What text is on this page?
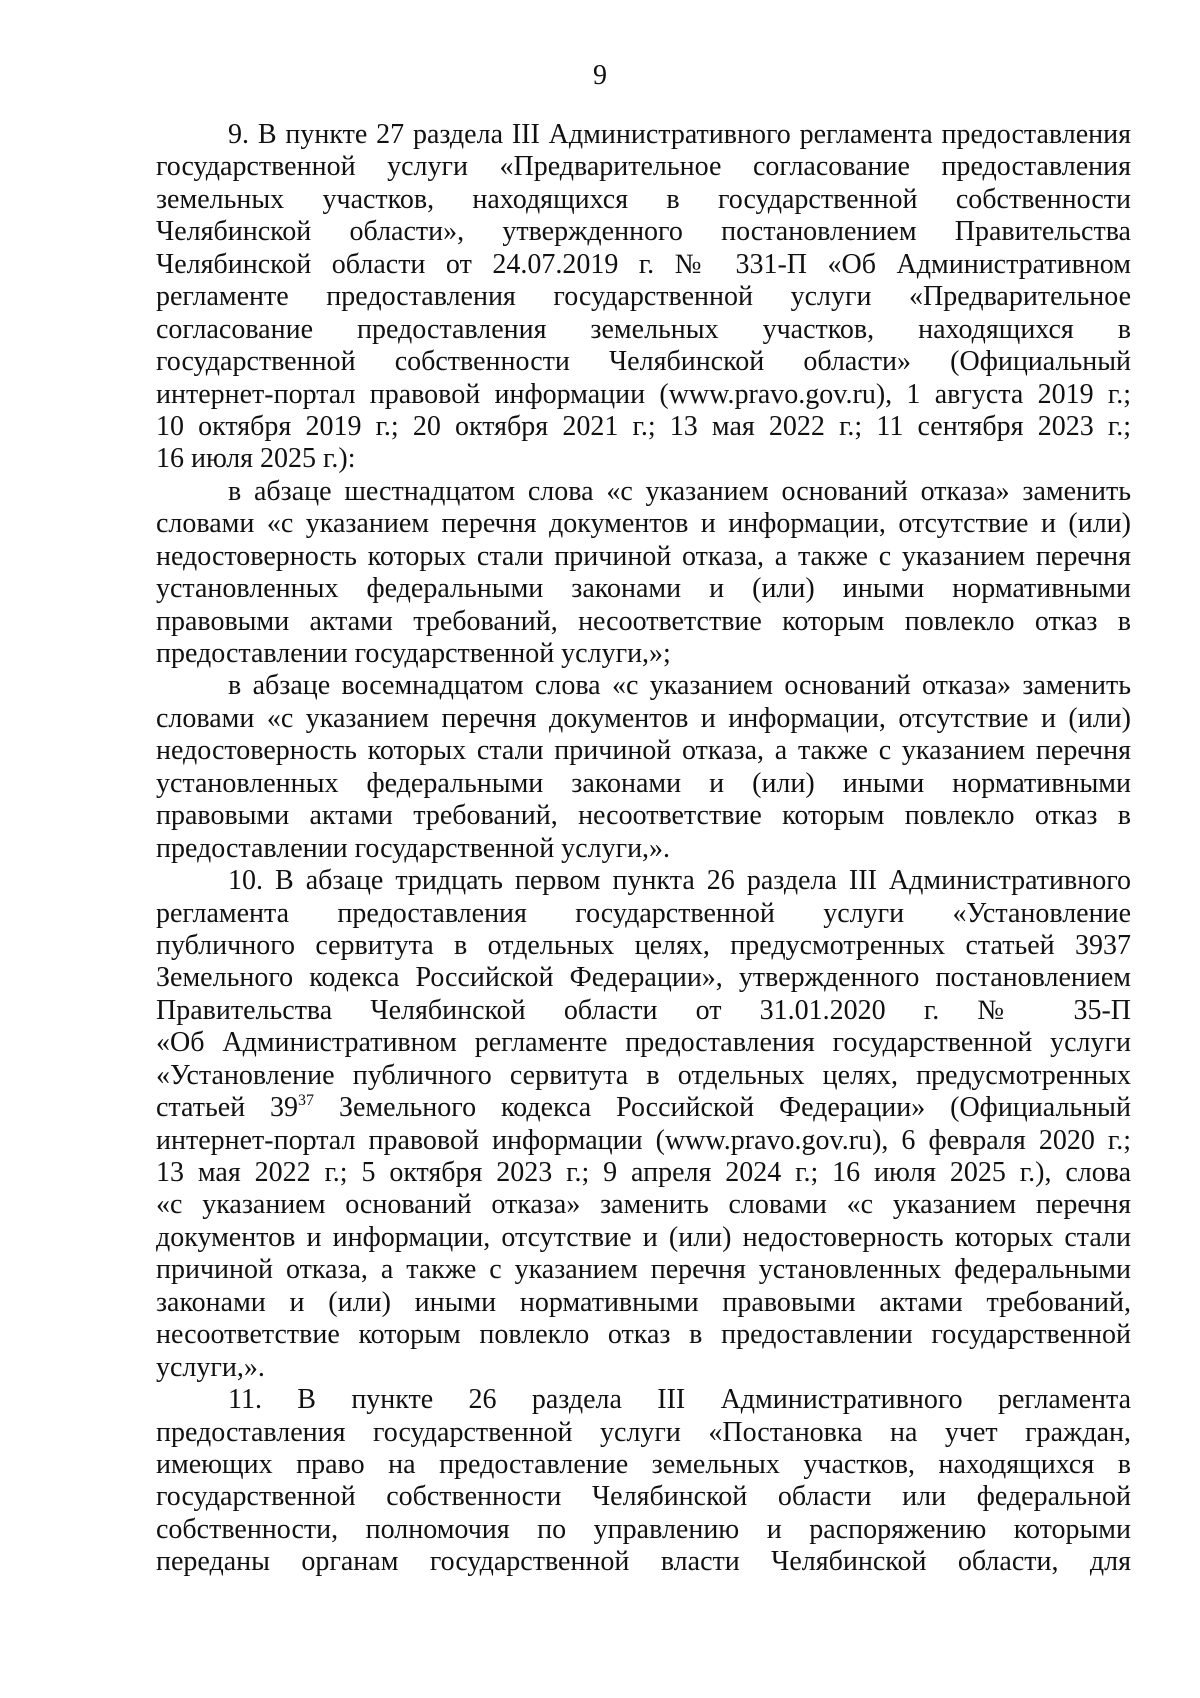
9
9. В пункте 27 раздела III Административного регламента предоставления
государственной услуги «Предварительное согласование предоставления
земельных участков, находящихся в государственной собственности
Челябинской области», утвержденного постановлением Правительства
Челябинской области от 24.07.2019 г. № 331-П «Об Административном
регламенте предоставления государственной услуги «Предварительное
согласование предоставления земельных участков, находящихся в
государственной собственности Челябинской области» (Официальный
интернет-портал правовой информации (www.pravo.gov.ru), 1 августа 2019 г.;
10 октября 2019 г.; 20 октября 2021 г.; 13 мая 2022 г.; 11 сентября 2023 г.;
16 июля 2025 г.):
в абзаце шестнадцатом слова «с указанием оснований отказа» заменить
словами «с указанием перечня документов и информации, отсутствие и (или)
недостоверность которых стали причиной отказа, а также с указанием перечня
установленных федеральными законами и (или) иными нормативными
правовыми актами требований, несоответствие которым повлекло отказ в
предоставлении государственной услуги,»;
в абзаце восемнадцатом слова «с указанием оснований отказа» заменить
словами «с указанием перечня документов и информации, отсутствие и (или)
недостоверность которых стали причиной отказа, а также с указанием перечня
установленных федеральными законами и (или) иными нормативными
правовыми актами требований, несоответствие которым повлекло отказ в
предоставлении государственной услуги,».
10. В абзаце тридцать первом пункта 26 раздела III Административного
регламента предоставления государственной услуги «Установление
публичного сервитута в отдельных целях, предусмотренных статьей 3937
Земельного кодекса Российской Федерации», утвержденного постановлением
Правительства Челябинской области от 31.01.2020 г. № 35-П
«Об Административном регламенте предоставления государственной услуги
«Установление публичного сервитута в отдельных целях, предусмотренных
статьей $39^{37}$ Земельного кодекса Российской Федерации» (Официальный
интернет-портал правовой информации (www.pravo.gov.ru), 6 февраля 2020 г.;
13 мая 2022 г.; 5 октября 2023 г.; 9 апреля 2024 г.; 16 июля 2025 г.), слова
«с указанием оснований отказа» заменить словами «с указанием перечня
документов и информации, отсутствие и (или) недостоверность которых стали
причиной отказа, а также с указанием перечня установленных федеральными
законами и (или) иными нормативными правовыми актами требований,
несоответствие которым повлекло отказ в предоставлении государственной
услуги,».
11. В пункте 26 раздела III Административного регламента
предоставления государственной услуги «Постановка на учет граждан,
имеющих право на предоставление земельных участков, находящихся в
государственной собственности Челябинской области или федеральной
собственности, полномочия по управлению и распоряжению которыми
переданы органам государственной власти Челябинской области, для
